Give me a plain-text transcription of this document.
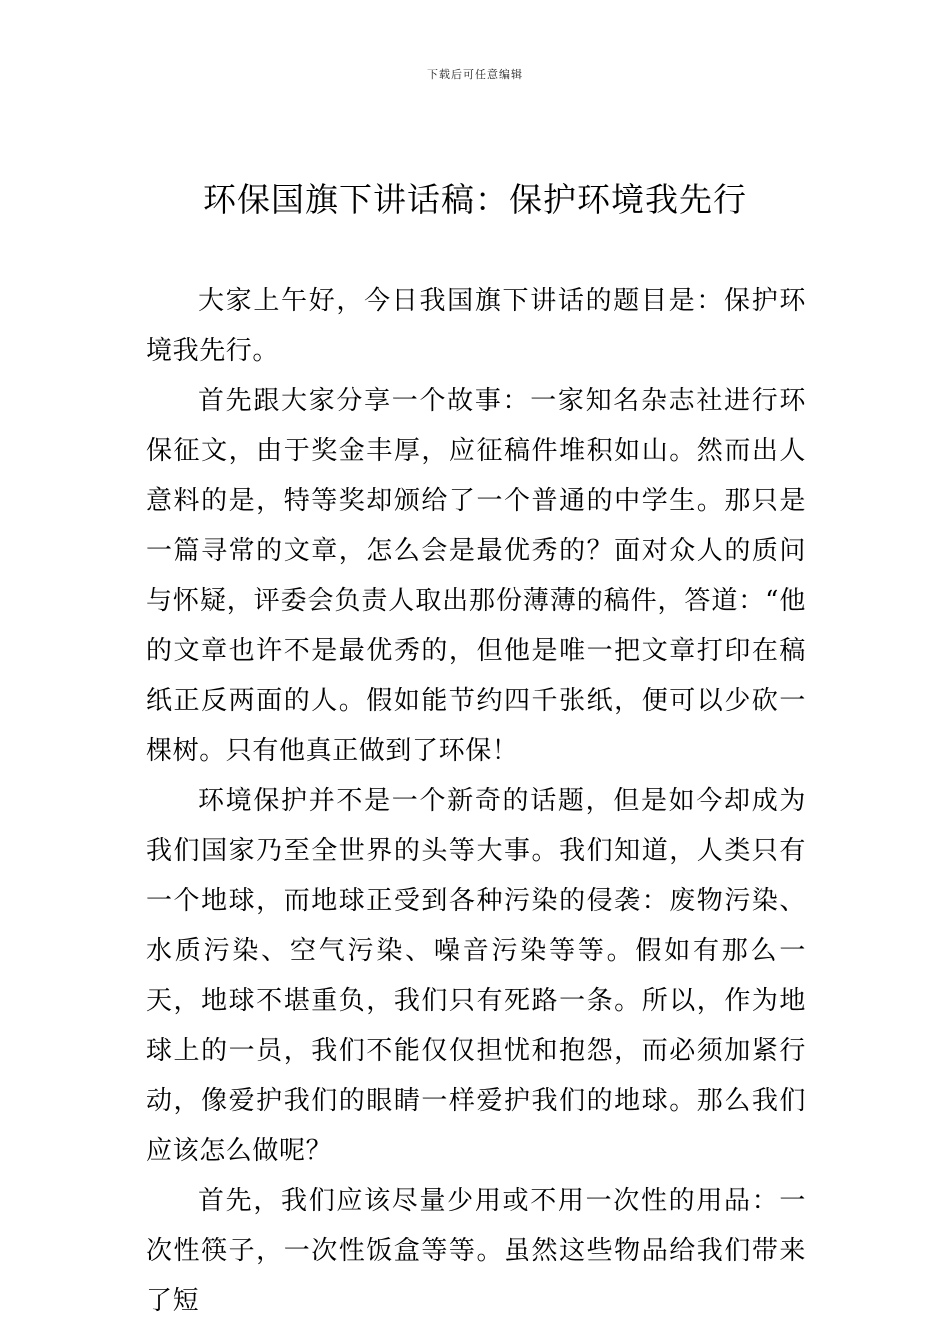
下载后可任意编辑
环保国旗下讲话稿：保护环境我先行

大家上午好，今日我国旗下讲话的题目是：保护环境我先行。

首先跟大家分享一个故事：一家知名杂志社进行环保征文，由于奖金丰厚，应征稿件堆积如山。然而出人意料的是，特等奖却颁给了一个普通的中学生。那只是一篇寻常的文章，怎么会是最优秀的？面对众人的质问与怀疑，评委会负责人取出那份薄薄的稿件，答道：“他的文章也许不是最优秀的，但他是唯一把文章打印在稿纸正反两面的人。假如能节约四千张纸，便可以少砍一棵树。只有他真正做到了环保！

环境保护并不是一个新奇的话题，但是如今却成为我们国家乃至全世界的头等大事。我们知道，人类只有一个地球，而地球正受到各种污染的侵袭：废物污染、水质污染、空气污染、噪音污染等等。假如有那么一天，地球不堪重负，我们只有死路一条。所以，作为地球上的一员，我们不能仅仅担忧和抱怨，而必须加紧行动，像爱护我们的眼睛一样爱护我们的地球。那么我们应该怎么做呢？

首先，我们应该尽量少用或不用一次性的用品：一次性筷子，一次性饭盒等等。虽然这些物品给我们带来了短
